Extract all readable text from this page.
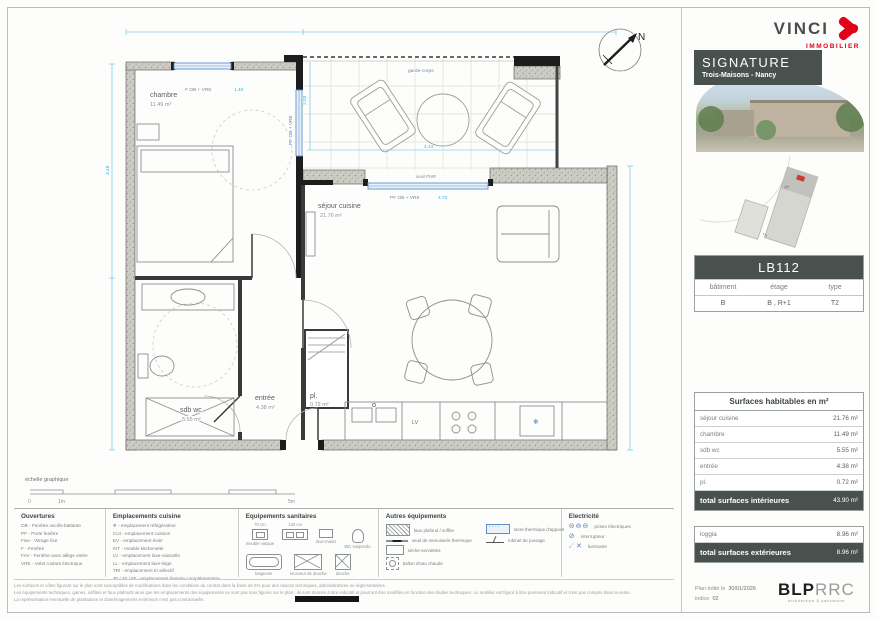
garde-corps
LV	❄
3.48
2.03
4.43
F OB + VRE	1.40
PF OB + VRE
PF OB + VRE	4.70
seuil PMR
chambre
11.49 m²
séjour cuisine
21.76 m²
sdb wc
5.55 m²
entrée
4.38 m²
pl.
0.72 m²
N
échelle graphique
0	1m	5m
VINCI
IMMOBILIER
SIGNATURE
Trois-Maisons - Nancy
d*
*>
LB112
bâtiment	étage	type
B	B , R+1	T2
Surfaces habitables en m²
séjour cuisine	21.76 m²
chambre	11.49 m²
sdb wc	5.55 m²
entrée	4.38 m²
pl.	0.72 m²
total surfaces intérieures	43.90 m²
loggia	8.96 m²
total surfaces extérieures	8.96 m²
Plan édité le 30/01/2026
indice 02
BLPRRC
architecture & patrimoine
Ouvertures
OB - Fenêtre oscillo-battante
PF - Porte fenêtre
Fixe - Vitrage fixe
F - Fenêtre
FAV - Fenêtre avec allège vitrée
VRE - Volet roulant électrique
Emplacements cuisine
❄ - emplacement réfrigérateur
CUI - emplacement cuisson
EV - emplacement évier
KIT - meuble kitchenette
LV - emplacement lave-vaisselle
LL - emplacement lave-linge
TRI - emplacement tri sélectif
30 / 45 / 60 - emplacement linéaire complémentaire
Equipements sanitaires
70 cm
meuble vasque
120 cm

lave-mains

WC suspendu
baignoire	receveur de douche douche
Autres équipements
faux plafond / soffite
seuil de menuiserie thermique
sèche-serviettes
ballon d'eau chaude
····
store thermique d'appoint
robinet de puisage
Electricité
⊖⊖⊖ prises électriques
⊘ interrupteur
☄✕ luminaire

Les surfaces et côtes figurant sur le plan sont susceptibles de modifications dans les conditions du contrat dans la limite de 5% pour des raisons techniques, administratives ou réglementaires.

Les équipements techniques, gaines, soffites et faux plafonds ainsi que les emplacements des équipements ne sont pas tous figurés sur le plan ; ils sont donnés à titre indicatif et pourront être modifiés en fonction des études techniques. Le mobilier est figuré à titre purement indicatif et n'est pas compris dans la vente.

La représentation éventuelle de plantations et d'aménagements extérieurs n'est pas contractuelle.
